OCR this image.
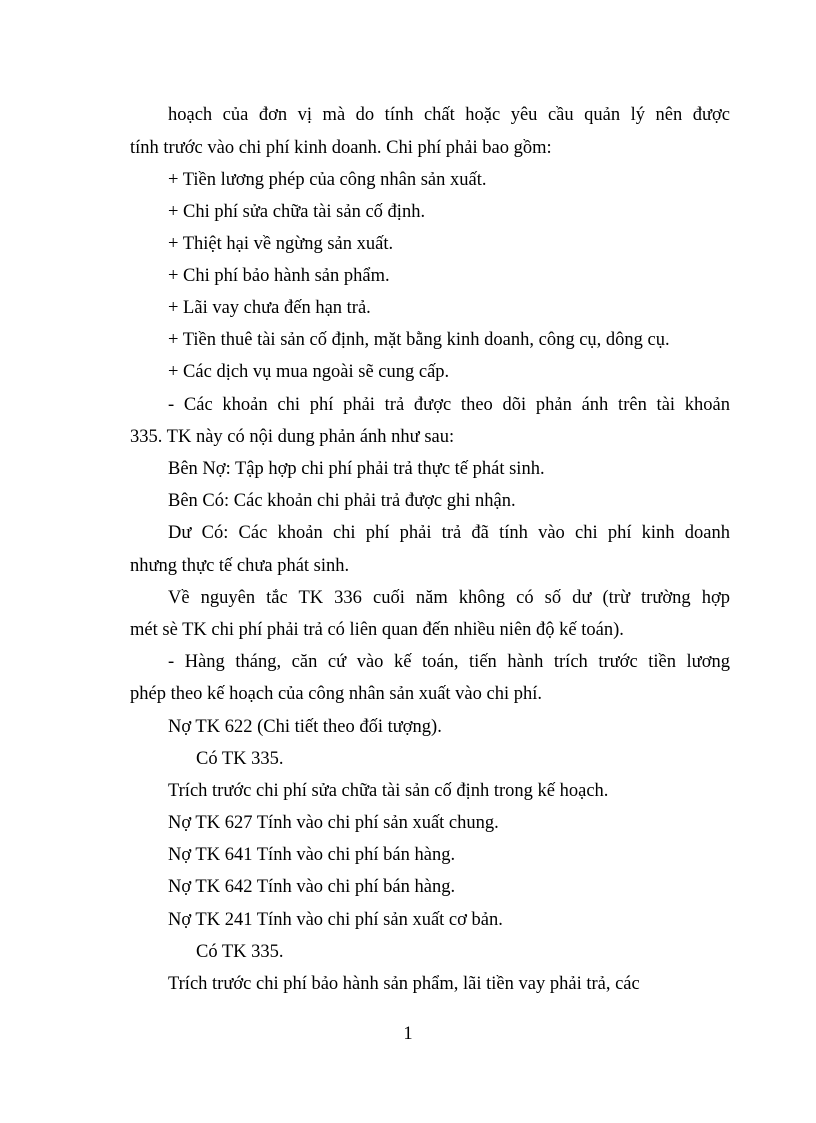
hoạch của đơn vị mà do tính chất hoặc yêu cầu quản lý nên được

tính trước vào chi phí kinh doanh. Chi phí phải bao gồm:

+ Tiền lương phép của công nhân sản xuất.

+ Chi phí sửa chữa tài sản cố định.

+ Thiệt hại về ngừng sản xuất.

+ Chi phí bảo hành sản phẩm.

+ Lãi vay chưa đến hạn trả.

+ Tiền thuê tài sản cố định, mặt bằng kinh doanh, công cụ, dông cụ.

+ Các dịch vụ mua ngoài sẽ cung cấp.

- Các khoản chi phí phải trả được theo dõi phản ánh trên tài khoản

335. TK này có nội dung phản ánh như sau:

Bên Nợ: Tập hợp chi phí phải trả thực tế phát sinh.

Bên Có: Các khoản chi phải trả được ghi nhận.

Dư Có: Các khoản chi phí phải trả đã tính vào chi phí kinh doanh

nhưng thực tế chưa phát sinh.

Về nguyên tắc TK 336 cuối năm không có số dư (trừ trường hợp

mét sè TK chi phí phải trả có liên quan đến nhiều niên độ kế toán).

- Hàng tháng, căn cứ vào kế toán, tiến hành trích trước tiền lương

phép theo kế hoạch của công nhân sản xuất vào chi phí.

Nợ TK 622 (Chi tiết theo đối tượng).

Có TK 335.

Trích trước chi phí sửa chữa tài sản cố định trong kế hoạch.

Nợ TK 627 Tính vào chi phí sản xuất chung.

Nợ TK 641 Tính vào chi phí bán hàng.

Nợ TK 642 Tính vào chi phí bán hàng.

Nợ TK 241 Tính vào chi phí sản xuất cơ bản.

Có TK 335.

Trích trước chi phí bảo hành sản phẩm, lãi tiền vay phải trả, các

1
